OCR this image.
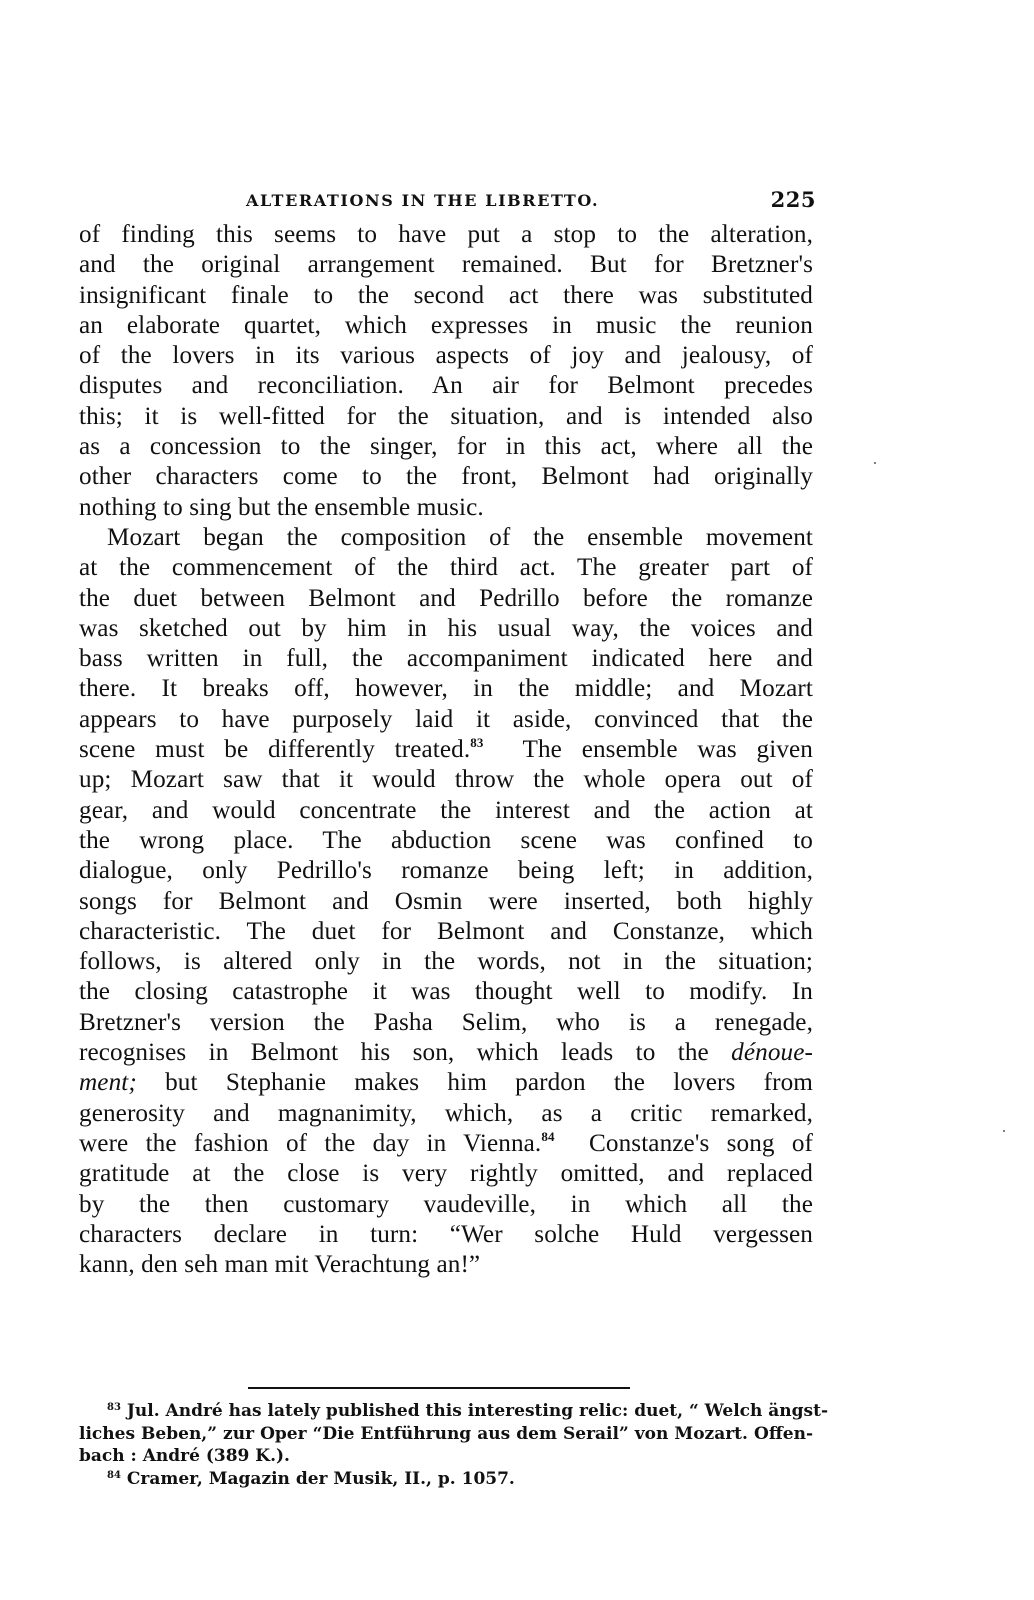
ALTERATIONS IN THE LIBRETTO.	225

of finding this seems to have put a stop to the alteration,
and the original arrangement remained. But for Bretzner's
insignificant finale to the second act there was substituted
an elaborate quartet, which expresses in music the reunion
of the lovers in its various aspects of joy and jealousy, of
disputes and reconciliation. An air for Belmont precedes
this; it is well-fitted for the situation, and is intended also
as a concession to the singer, for in this act, where all the
other characters come to the front, Belmont had originally
nothing to sing but the ensemble music.

Mozart began the composition of the ensemble movement
at the commencement of the third act. The greater part of
the duet between Belmont and Pedrillo before the romanze
was sketched out by him in his usual way, the voices and
bass written in full, the accompaniment indicated here and
there. It breaks off, however, in the middle; and Mozart
appears to have purposely laid it aside, convinced that the
scene must be differently treated.$^{83}$ The ensemble was given
up; Mozart saw that it would throw the whole opera out of
gear, and would concentrate the interest and the action at
the wrong place. The abduction scene was confined to
dialogue, only Pedrillo's romanze being left; in addition,
songs for Belmont and Osmin were inserted, both highly
characteristic. The duet for Belmont and Constanze, which
follows, is altered only in the words, not in the situation;
the closing catastrophe it was thought well to modify. In
Bretzner's version the Pasha Selim, who is a renegade,
recognises in Belmont his son, which leads to the dénoue-
ment; but Stephanie makes him pardon the lovers from
generosity and magnanimity, which, as a critic remarked,
were the fashion of the day in Vienna.$^{84}$ Constanze's song of
gratitude at the close is very rightly omitted, and replaced
by the then customary vaudeville, in which all the
characters declare in turn: “Wer solche Huld vergessen
kann, den seh man mit Verachtung an!”

$^{83}$ Jul. André has lately published this interesting relic: duet, “ Welch ängst-
liches Beben,” zur Oper “Die Entführung aus dem Serail” von Mozart. Offen-
bach : André (389 K.).
$^{84}$ Cramer, Magazin der Musik, II., p. 1057.
